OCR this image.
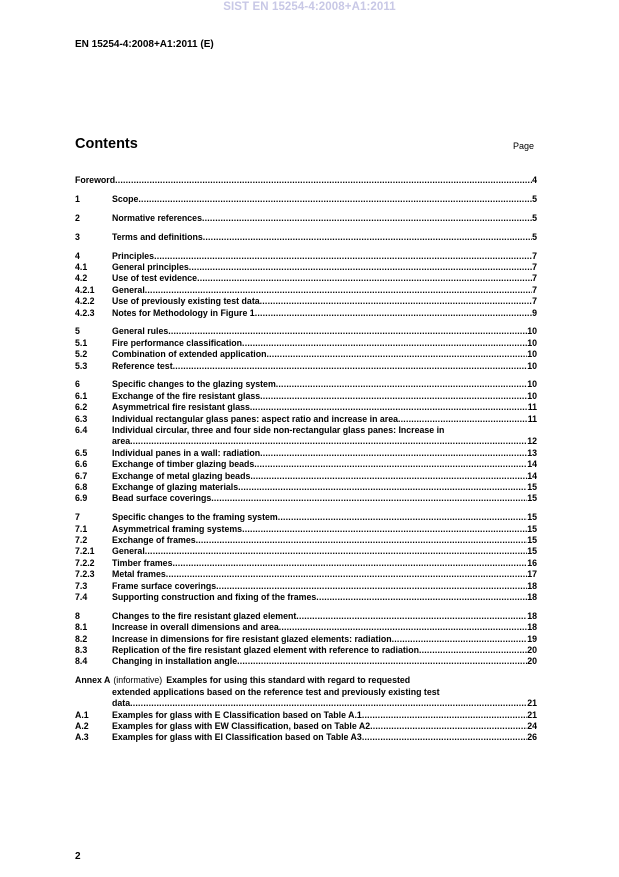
SIST EN 15254-4:2008+A1:2011
EN 15254-4:2008+A1:2011 (E)
Contents	Page
Foreword .....	4
1	Scope .....	5
2	Normative references .....	5
3	Terms and definitions .....	5
4	Principles .....	7
4.1	General principles .....	7
4.2	Use of test evidence .....	7
4.2.1	General .....	7
4.2.2	Use of previously existing test data .....	7
4.2.3	Notes for Methodology in Figure 1 .....	9
5	General rules .....	10
5.1	Fire performance classification .....	10
5.2	Combination of extended application .....	10
5.3	Reference test .....	10
6	Specific changes to the glazing system .....	10
6.1	Exchange of the fire resistant glass .....	10
6.2	Asymmetrical fire resistant glass .....	11
6.3	Individual rectangular glass panes: aspect ratio and increase in area .....	11
6.4	Individual circular, three and four side non-rectangular glass panes: Increase in
area .....	12
6.5	Individual panes in a wall: radiation .....	13
6.6	Exchange of timber glazing beads .....	14
6.7	Exchange of metal glazing beads .....	14
6.8	Exchange of glazing materials .....	15
6.9	Bead surface coverings .....	15
7	Specific changes to the framing system .....	15
7.1	Asymmetrical framing systems .....	15
7.2	Exchange of frames .....	15
7.2.1	General .....	15
7.2.2	Timber frames .....	16
7.2.3	Metal frames .....	17
7.3	Frame surface coverings .....	18
7.4	Supporting construction and fixing of the frames .....	18
8	Changes to the fire resistant glazed element .....	18
8.1	Increase in overall dimensions and area .....	18
8.2	Increase in dimensions for fire resistant glazed elements: radiation .....	19
8.3	Replication of the fire resistant glazed element with reference to radiation .....	20
8.4	Changing in installation angle .....	20
Annex A (informative) Examples for using this standard with regard to requested
extended applications based on the reference test and previously existing test
data .....	21
A.1	Examples for glass with E Classification based on Table A.1 .....	21
A.2	Examples for glass with EW Classification, based on Table A2 .....	24
A.3	Examples for glass with EI Classification based on Table A3 .....	26
2
